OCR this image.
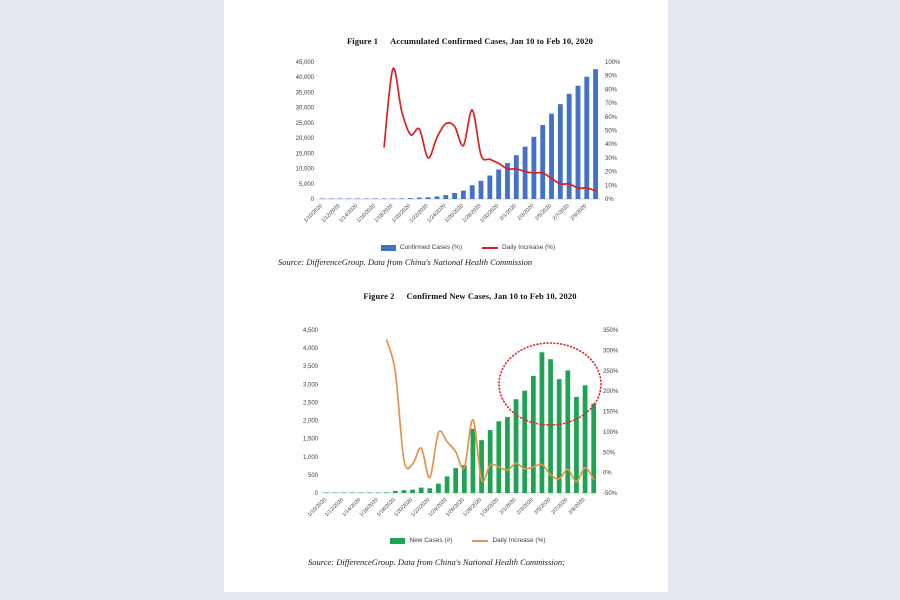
Figure 1 Accumulated Confirmed Cases, Jan 10 to Feb 10, 2020
0
5,000
10,000
15,000
20,000
25,000
30,000
35,000
40,000
45,000
0%
10%
20%
30%
40%
50%
60%
70%
80%
90%
100%
1/10/2020
1/12/2020
1/14/2020
1/16/2020
1/18/2020
1/20/2020
1/22/2020
1/24/2020
1/26/2020
1/28/2020
1/30/2020
2/1/2020
2/3/2020
2/5/2020
2/7/2020
2/9/2020
Confirmed Cases (%)	Daily Increase (%)
Source: DifferenceGroup. Data from China's National Health Commission
Figure 2 Confirmed New Cases, Jan 10 to Feb 10, 2020
0
500
1,000
1,500
2,000
2,500
3,000
3,500
4,000
4,500
-50%
0%
50%
100%
150%
200%
250%
300%
350%
1/10/2020
1/12/2020
1/14/2020
1/16/2020
1/18/2020
1/20/2020
1/22/2020
1/24/2020
1/26/2020
1/28/2020
1/30/2020
2/1/2020
2/3/2020
2/5/2020
2/7/2020
2/9/2020
New Cases (#)	Daily Increase (%)
Source: DifferenceGroup. Data from China's National Health Commission;
